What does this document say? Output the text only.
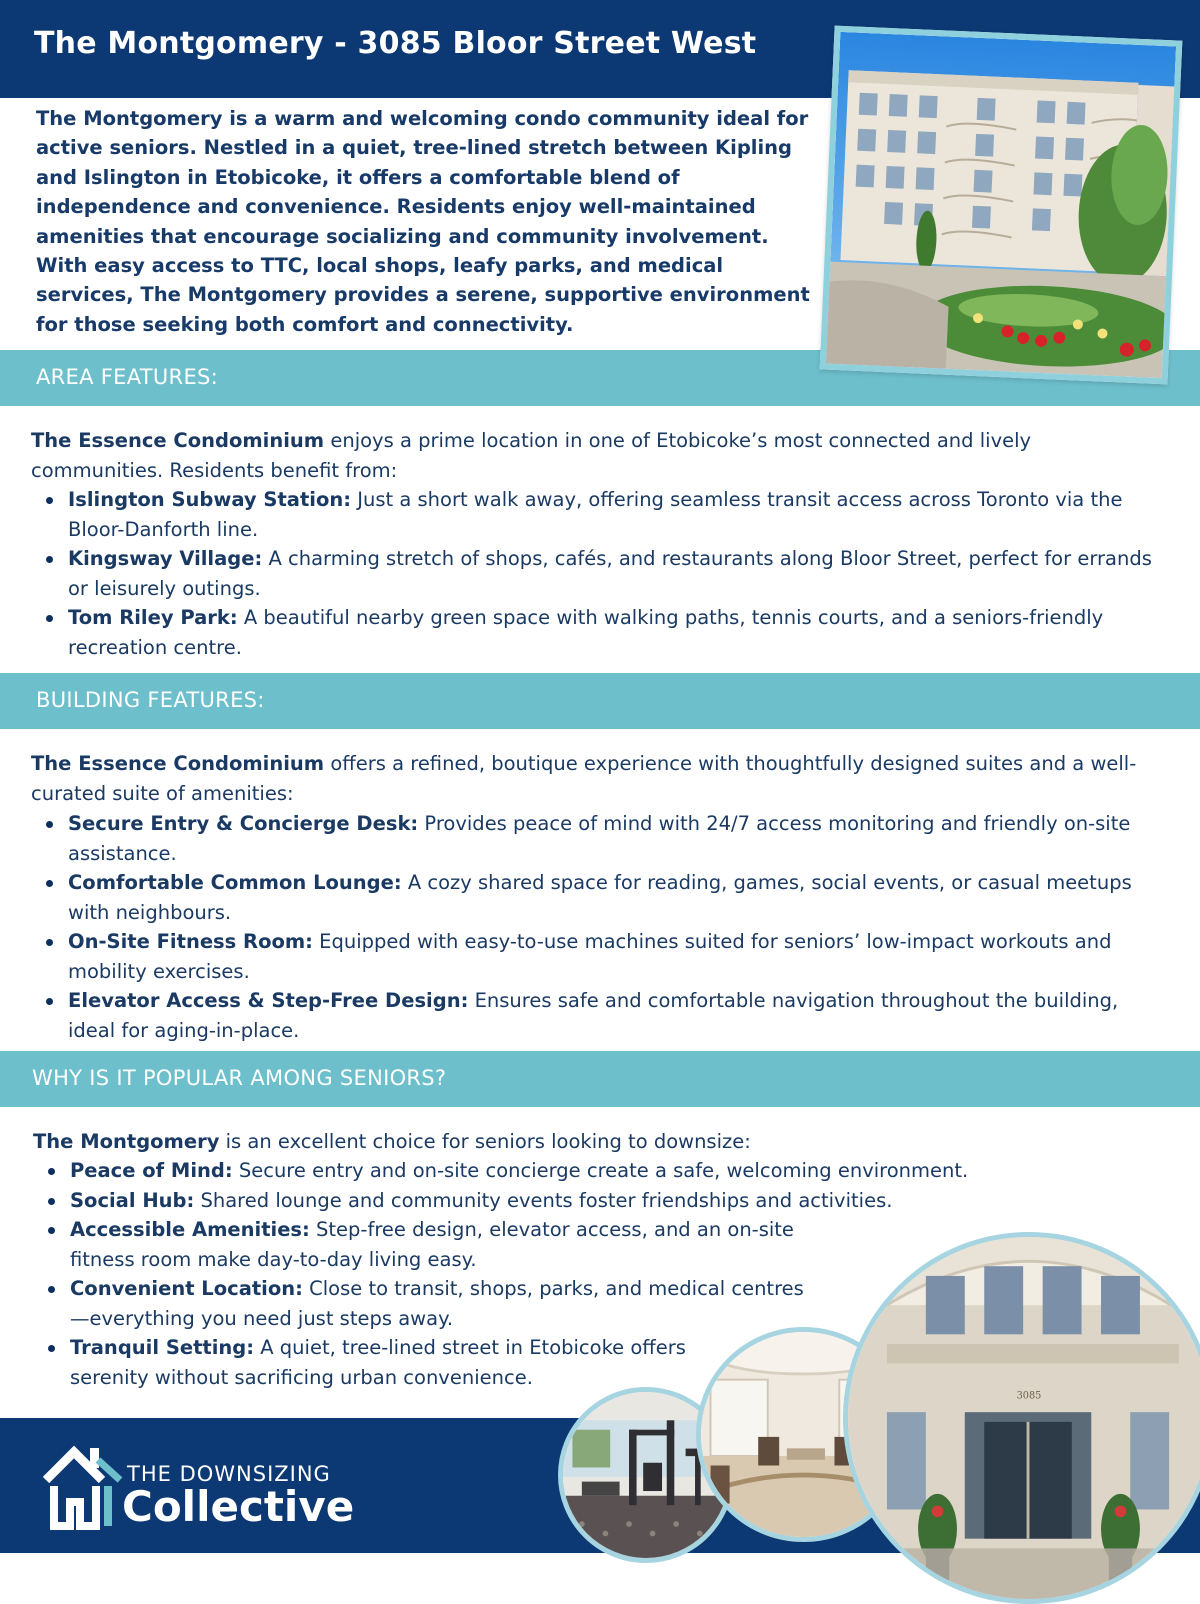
The Montgomery - 3085 Bloor Street West

The Montgomery is a warm and welcoming condo community ideal for active seniors. Nestled in a quiet, tree-lined stretch between Kipling and Islington in Etobicoke, it offers a comfortable blend of independence and convenience. Residents enjoy well-maintained amenities that encourage socializing and community involvement. With easy access to TTC, local shops, leafy parks, and medical services, The Montgomery provides a serene, supportive environment for those seeking both comfort and connectivity.

AREA FEATURES:

The Essence Condominium enjoys a prime location in one of Etobicoke’s most connected and lively communities. Residents benefit from:

Islington Subway Station: Just a short walk away, offering seamless transit access across Toronto via the Bloor-Danforth line.
Kingsway Village: A charming stretch of shops, cafés, and restaurants along Bloor Street, perfect for errands or leisurely outings.
Tom Riley Park: A beautiful nearby green space with walking paths, tennis courts, and a seniors-friendly recreation centre.
BUILDING FEATURES:

The Essence Condominium offers a refined, boutique experience with thoughtfully designed suites and a well-curated suite of amenities:

Secure Entry & Concierge Desk: Provides peace of mind with 24/7 access monitoring and friendly on-site assistance.
Comfortable Common Lounge: A cozy shared space for reading, games, social events, or casual meetups with neighbours.
On-Site Fitness Room: Equipped with easy-to-use machines suited for seniors’ low-impact workouts and mobility exercises.
Elevator Access & Step-Free Design: Ensures safe and comfortable navigation throughout the building, ideal for aging-in-place.
WHY IS IT POPULAR AMONG SENIORS?

The Montgomery is an excellent choice for seniors looking to downsize:

Peace of Mind: Secure entry and on-site concierge create a safe, welcoming environment.
Social Hub: Shared lounge and community events foster friendships and activities.
Accessible Amenities: Step-free design, elevator access, and an on-site fitness room make day-to-day living easy.
Convenient Location: Close to transit, shops, parks, and medical centres—everything you need just steps away.
Tranquil Setting: A quiet, tree-lined street in Etobicoke offers serenity without sacrificing urban convenience.

THE DOWNSIZING

Collective

3085
